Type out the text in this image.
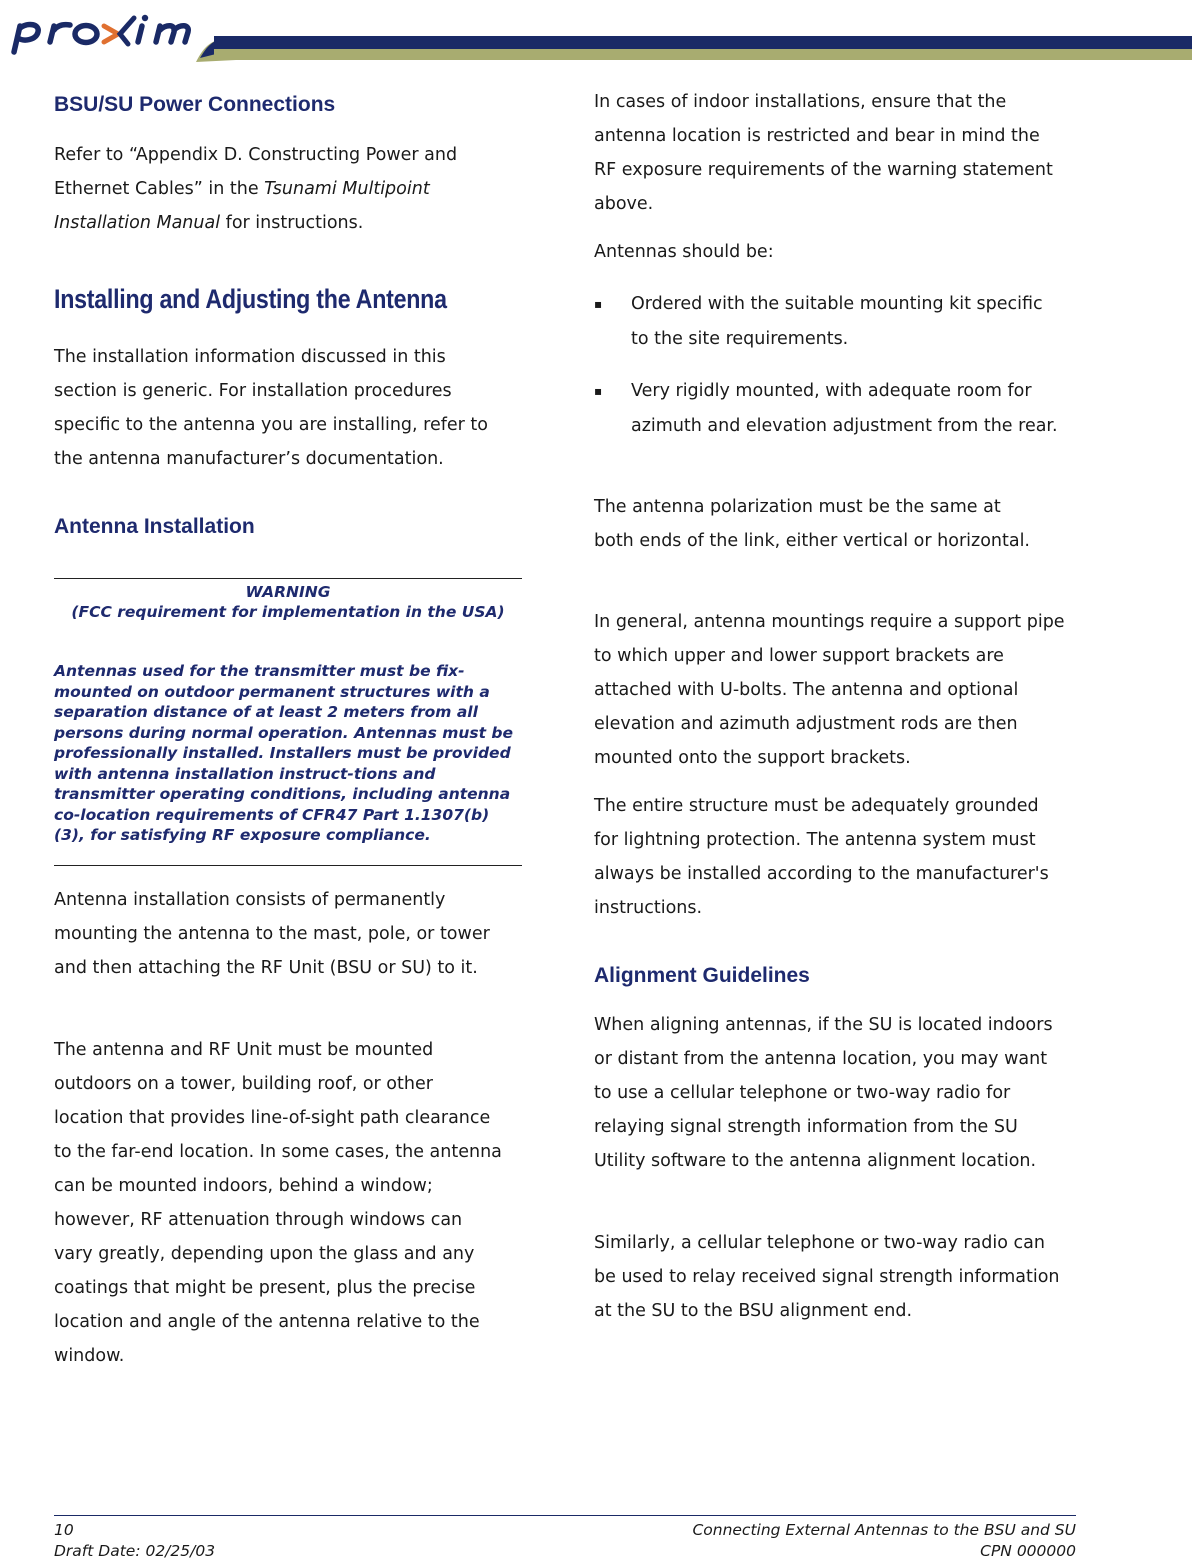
BSU/SU Power Connections

Refer to “Appendix D. Constructing Power and
Ethernet Cables” in the Tsunami Multipoint
Installation Manual for instructions.

Installing and Adjusting the Antenna

The installation information discussed in this section is generic. For installation procedures specific to the antenna you are installing, refer to the antenna manufacturer’s documentation.

Antenna Installation
WARNING
(FCC requirement for implementation in the USA)
Antennas used for the transmitter must be fix-mounted on outdoor permanent structures with a separation distance of at least 2 meters from all persons during normal operation. Antennas must be professionally installed. Installers must be provided with antenna installation instruct-tions and transmitter operating conditions, including antenna co-location requirements of CFR47 Part 1.1307(b)(3), for satisfying RF exposure compliance.

Antenna installation consists of permanently mounting the antenna to the mast, pole, or tower and then attaching the RF Unit (BSU or SU) to it.

The antenna and RF Unit must be mounted outdoors on a tower, building roof, or other location that provides line-of-sight path clearance to the far-end location. In some cases, the antenna can be mounted indoors, behind a window; however, RF attenuation through windows can vary greatly, depending upon the glass and any coatings that might be present, plus the precise location and angle of the antenna relative to the window.

In cases of indoor installations, ensure that the antenna location is restricted and bear in mind the RF exposure requirements of the warning statement above.

Antennas should be:

▪ Ordered with the suitable mounting kit specific to the site requirements.
▪ Very rigidly mounted, with adequate room for azimuth and elevation adjustment from the rear.

The antenna polarization must be the same at both ends of the link, either vertical or horizontal.

In general, antenna mountings require a support pipe to which upper and lower support brackets are attached with U-bolts. The antenna and optional elevation and azimuth adjustment rods are then mounted onto the support brackets.

The entire structure must be adequately grounded for lightning protection. The antenna system must always be installed according to the manufacturer's instructions.

Alignment Guidelines

When aligning antennas, if the SU is located indoors or distant from the antenna location, you may want to use a cellular telephone or two-way radio for relaying signal strength information from the SU Utility software to the antenna alignment location.

Similarly, a cellular telephone or two-way radio can be used to relay received signal strength information at the SU to the BSU alignment end.

10	Connecting External Antennas to the BSU and SU
Draft Date: 02/25/03	CPN 000000
